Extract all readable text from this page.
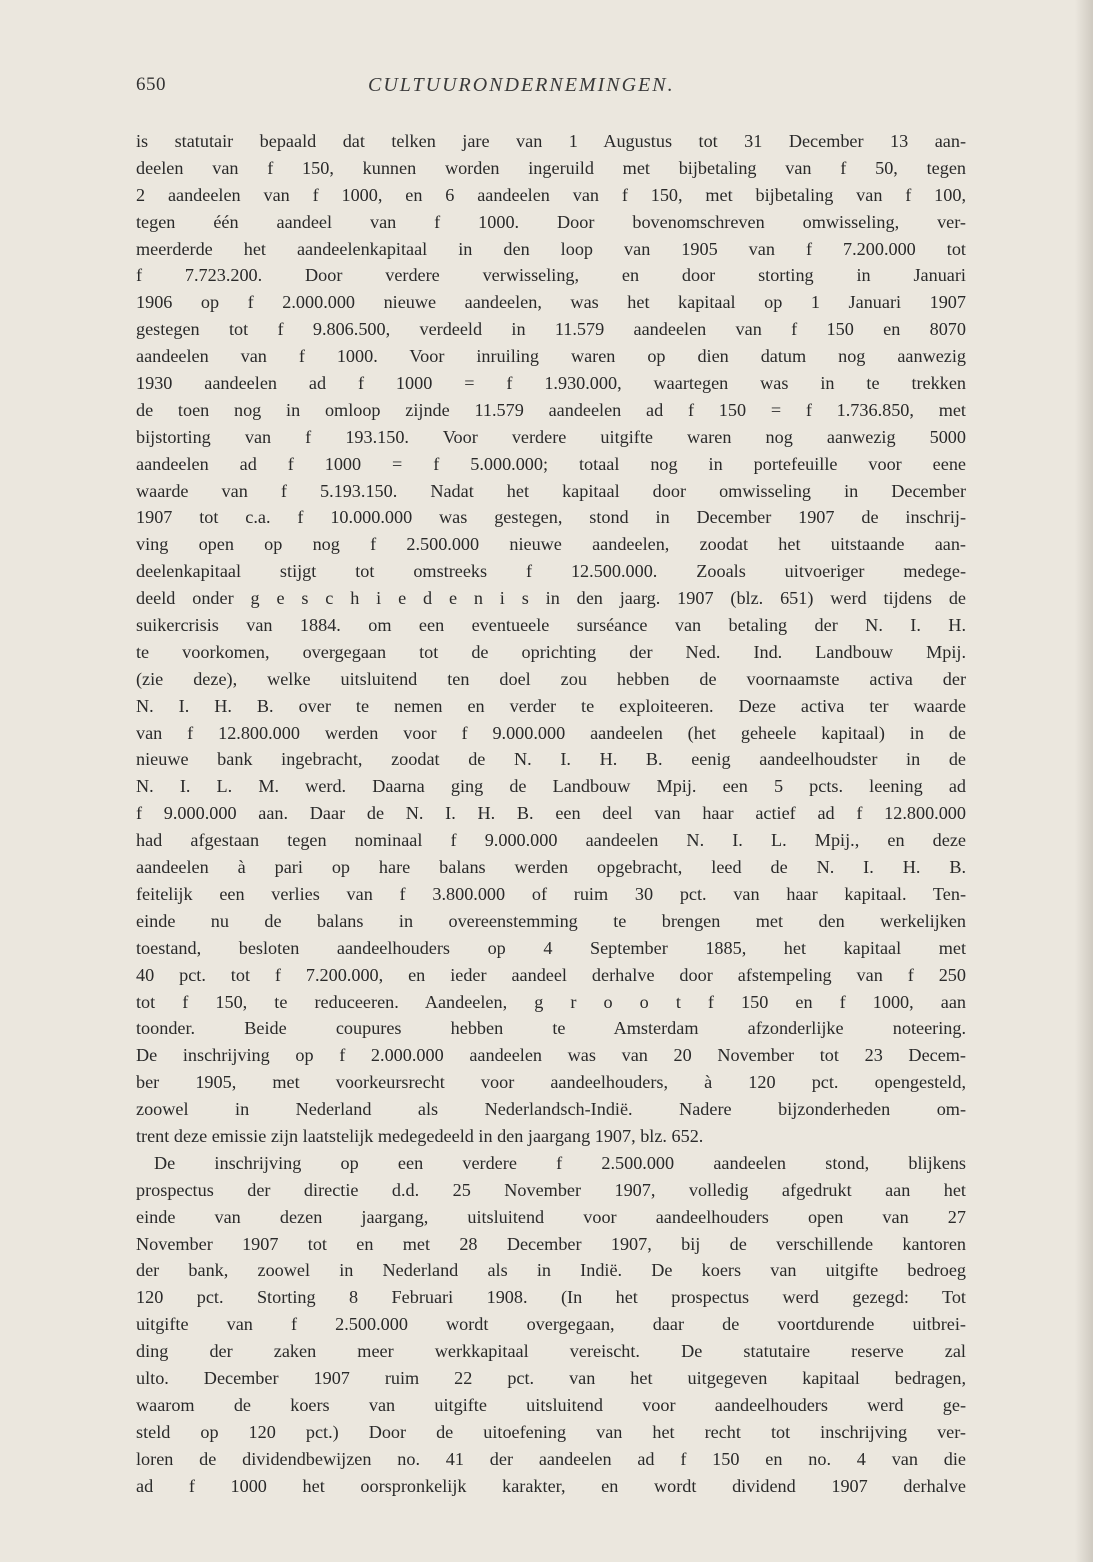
650	CULTUURONDERNEMINGEN.
is statutair bepaald dat telken jare van 1 Augustus tot 31 December 13 aan-
deelen van f 150, kunnen worden ingeruild met bijbetaling van f 50, tegen
2 aandeelen van f 1000, en 6 aandeelen van f 150, met bijbetaling van f 100,
tegen één aandeel van f 1000. Door bovenomschreven omwisseling, ver-
meerderde het aandeelenkapitaal in den loop van 1905 van f 7.200.000 tot
f 7.723.200. Door verdere verwisseling, en door storting in Januari
1906 op f 2.000.000 nieuwe aandeelen, was het kapitaal op 1 Januari 1907
gestegen tot f 9.806.500, verdeeld in 11.579 aandeelen van f 150 en 8070
aandeelen van f 1000. Voor inruiling waren op dien datum nog aanwezig
1930 aandeelen ad f 1000 = f 1.930.000, waartegen was in te trekken
de toen nog in omloop zijnde 11.579 aandeelen ad f 150 = f 1.736.850, met
bijstorting van f 193.150. Voor verdere uitgifte waren nog aanwezig 5000
aandeelen ad f 1000 = f 5.000.000; totaal nog in portefeuille voor eene
waarde van f 5.193.150. Nadat het kapitaal door omwisseling in December
1907 tot c.a. f 10.000.000 was gestegen, stond in December 1907 de inschrij-
ving open op nog f 2.500.000 nieuwe aandeelen, zoodat het uitstaande aan-
deelenkapitaal stijgt tot omstreeks f 12.500.000. Zooals uitvoeriger medege-
deeld onder g e s c h i e d e n i s in den jaarg. 1907 (blz. 651) werd tijdens de
suikercrisis van 1884. om een eventueele surséance van betaling der N. I. H.
te voorkomen, overgegaan tot de oprichting der Ned. Ind. Landbouw Mpij.
(zie deze), welke uitsluitend ten doel zou hebben de voornaamste activa der
N. I. H. B. over te nemen en verder te exploiteeren. Deze activa ter waarde
van f 12.800.000 werden voor f 9.000.000 aandeelen (het geheele kapitaal) in de
nieuwe bank ingebracht, zoodat de N. I. H. B. eenig aandeelhoudster in de
N. I. L. M. werd. Daarna ging de Landbouw Mpij. een 5 pcts. leening ad
f 9.000.000 aan. Daar de N. I. H. B. een deel van haar actief ad f 12.800.000
had afgestaan tegen nominaal f 9.000.000 aandeelen N. I. L. Mpij., en deze
aandeelen à pari op hare balans werden opgebracht, leed de N. I. H. B.
feitelijk een verlies van f 3.800.000 of ruim 30 pct. van haar kapitaal. Ten-
einde nu de balans in overeenstemming te brengen met den werkelijken
toestand, besloten aandeelhouders op 4 September 1885, het kapitaal met
40 pct. tot f 7.200.000, en ieder aandeel derhalve door afstempeling van f 250
tot f 150, te reduceeren. Aandeelen, g r o o t f 150 en f 1000, aan
toonder. Beide coupures hebben te Amsterdam afzonderlijke noteering.
De inschrijving op f 2.000.000 aandeelen was van 20 November tot 23 Decem-
ber 1905, met voorkeursrecht voor aandeelhouders, à 120 pct. opengesteld,
zoowel in Nederland als Nederlandsch-Indië. Nadere bijzonderheden om-
trent deze emissie zijn laatstelijk medegedeeld in den jaargang 1907, blz. 652.
De inschrijving op een verdere f 2.500.000 aandeelen stond, blijkens
prospectus der directie d.d. 25 November 1907, volledig afgedrukt aan het
einde van dezen jaargang, uitsluitend voor aandeelhouders open van 27
November 1907 tot en met 28 December 1907, bij de verschillende kantoren
der bank, zoowel in Nederland als in Indië. De koers van uitgifte bedroeg
120 pct. Storting 8 Februari 1908. (In het prospectus werd gezegd: Tot
uitgifte van f 2.500.000 wordt overgegaan, daar de voortdurende uitbrei-
ding der zaken meer werkkapitaal vereischt. De statutaire reserve zal
ulto. December 1907 ruim 22 pct. van het uitgegeven kapitaal bedragen,
waarom de koers van uitgifte uitsluitend voor aandeelhouders werd ge-
steld op 120 pct.) Door de uitoefening van het recht tot inschrijving ver-
loren de dividendbewijzen no. 41 der aandeelen ad f 150 en no. 4 van die
ad f 1000 het oorspronkelijk karakter, en wordt dividend 1907 derhalve
